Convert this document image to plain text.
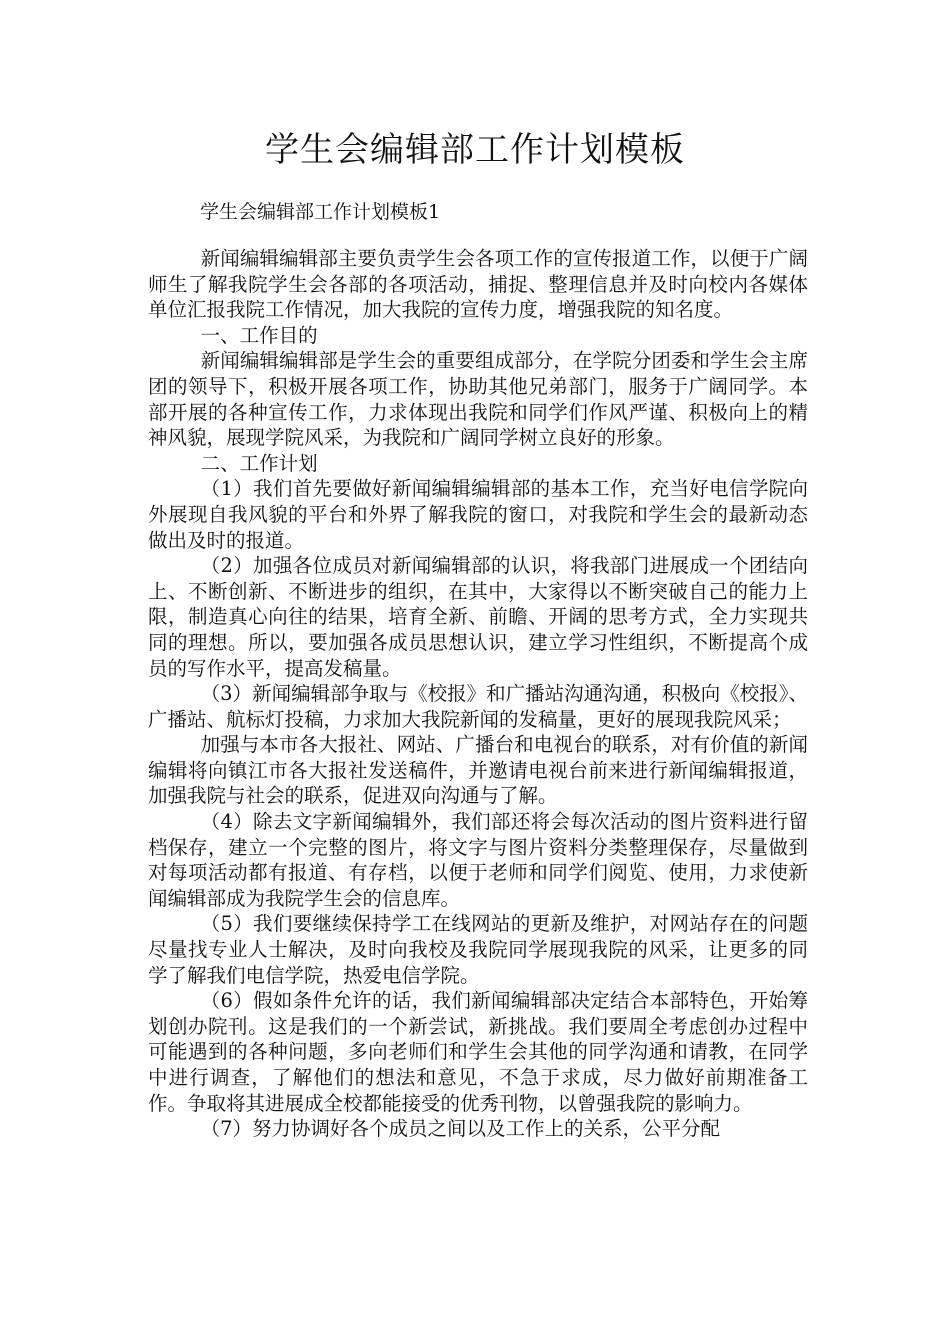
学生会编辑部工作计划模板
学生会编辑部工作计划模板1

新闻编辑编辑部主要负责学生会各项工作的宣传报道工作，以便于广阔师生了解我院学生会各部的各项活动，捕捉、整理信息并及时向校内各媒体单位汇报我院工作情况，加大我院的宣传力度，增强我院的知名度。

一、工作目的

新闻编辑编辑部是学生会的重要组成部分，在学院分团委和学生会主席团的领导下，积极开展各项工作，协助其他兄弟部门，服务于广阔同学。本部开展的各种宣传工作，力求体现出我院和同学们作风严谨、积极向上的精神风貌，展现学院风采，为我院和广阔同学树立良好的形象。

二、工作计划

（1）我们首先要做好新闻编辑编辑部的基本工作，充当好电信学院向外展现自我风貌的平台和外界了解我院的窗口，对我院和学生会的最新动态做出及时的报道。

（2）加强各位成员对新闻编辑部的认识，将我部门进展成一个团结向上、不断创新、不断进步的组织，在其中，大家得以不断突破自己的能力上限，制造真心向往的结果，培育全新、前瞻、开阔的思考方式，全力实现共同的理想。所以，要加强各成员思想认识，建立学习性组织，不断提高个成员的写作水平，提高发稿量。

（3）新闻编辑部争取与《校报》和广播站沟通沟通，积极向《校报》、广播站、航标灯投稿，力求加大我院新闻的发稿量，更好的展现我院风采；

加强与本市各大报社、网站、广播台和电视台的联系，对有价值的新闻编辑将向镇江市各大报社发送稿件，并邀请电视台前来进行新闻编辑报道，加强我院与社会的联系，促进双向沟通与了解。

（4）除去文字新闻编辑外，我们部还将会每次活动的图片资料进行留档保存，建立一个完整的图片，将文字与图片资料分类整理保存，尽量做到对每项活动都有报道、有存档，以便于老师和同学们阅览、使用，力求使新闻编辑部成为我院学生会的信息库。

（5）我们要继续保持学工在线网站的更新及维护，对网站存在的问题尽量找专业人士解决，及时向我校及我院同学展现我院的风采，让更多的同学了解我们电信学院，热爱电信学院。

（6）假如条件允许的话，我们新闻编辑部决定结合本部特色，开始筹划创办院刊。这是我们的一个新尝试，新挑战。我们要周全考虑创办过程中可能遇到的各种问题，多向老师们和学生会其他的同学沟通和请教，在同学中进行调查，了解他们的想法和意见，不急于求成，尽力做好前期准备工作。争取将其进展成全校都能接受的优秀刊物，以曾强我院的影响力。

（7）努力协调好各个成员之间以及工作上的关系，公平分配
